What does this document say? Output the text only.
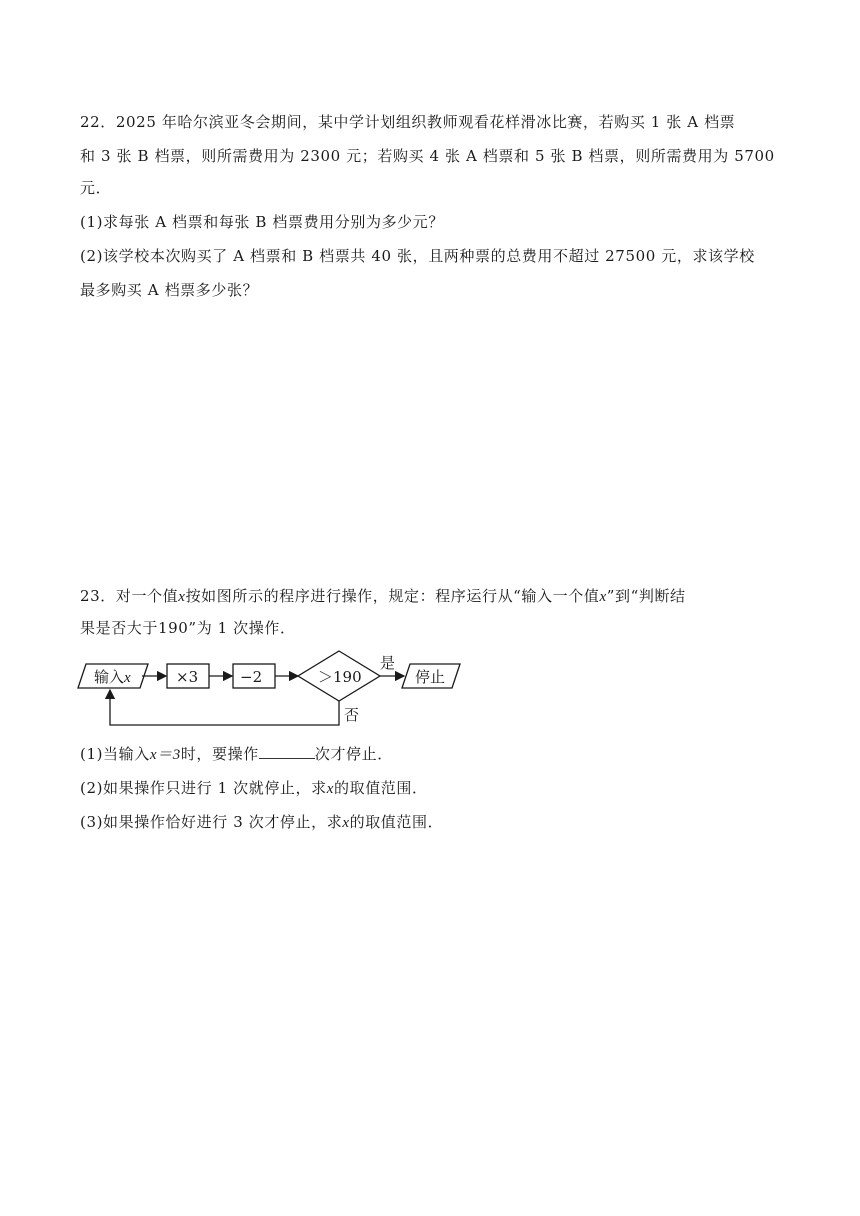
22．2025 年哈尔滨亚冬会期间，某中学计划组织教师观看花样滑冰比赛，若购买 1 张 A 档票
和 3 张 B 档票，则所需费用为 2300 元；若购买 4 张 A 档票和 5 张 B 档票，则所需费用为 5700
元．
(1)求每张 A 档票和每张 B 档票费用分别为多少元？
(2)该学校本次购买了 A 档票和 B 档票共 40 张，且两种票的总费用不超过 27500 元，求该学校
最多购买 A 档票多少张？
23．对一个值x按如图所示的程序进行操作，规定：程序运行从“输入一个值x”到“判断结
果是否大于190”为 1 次操作．
输入x	×3	−2	＞190
是
停止
否
(1)当输入x＝3时，要操作	次才停止．
(2)如果操作只进行 1 次就停止，求x的取值范围．
(3)如果操作恰好进行 3 次才停止，求x的取值范围．
